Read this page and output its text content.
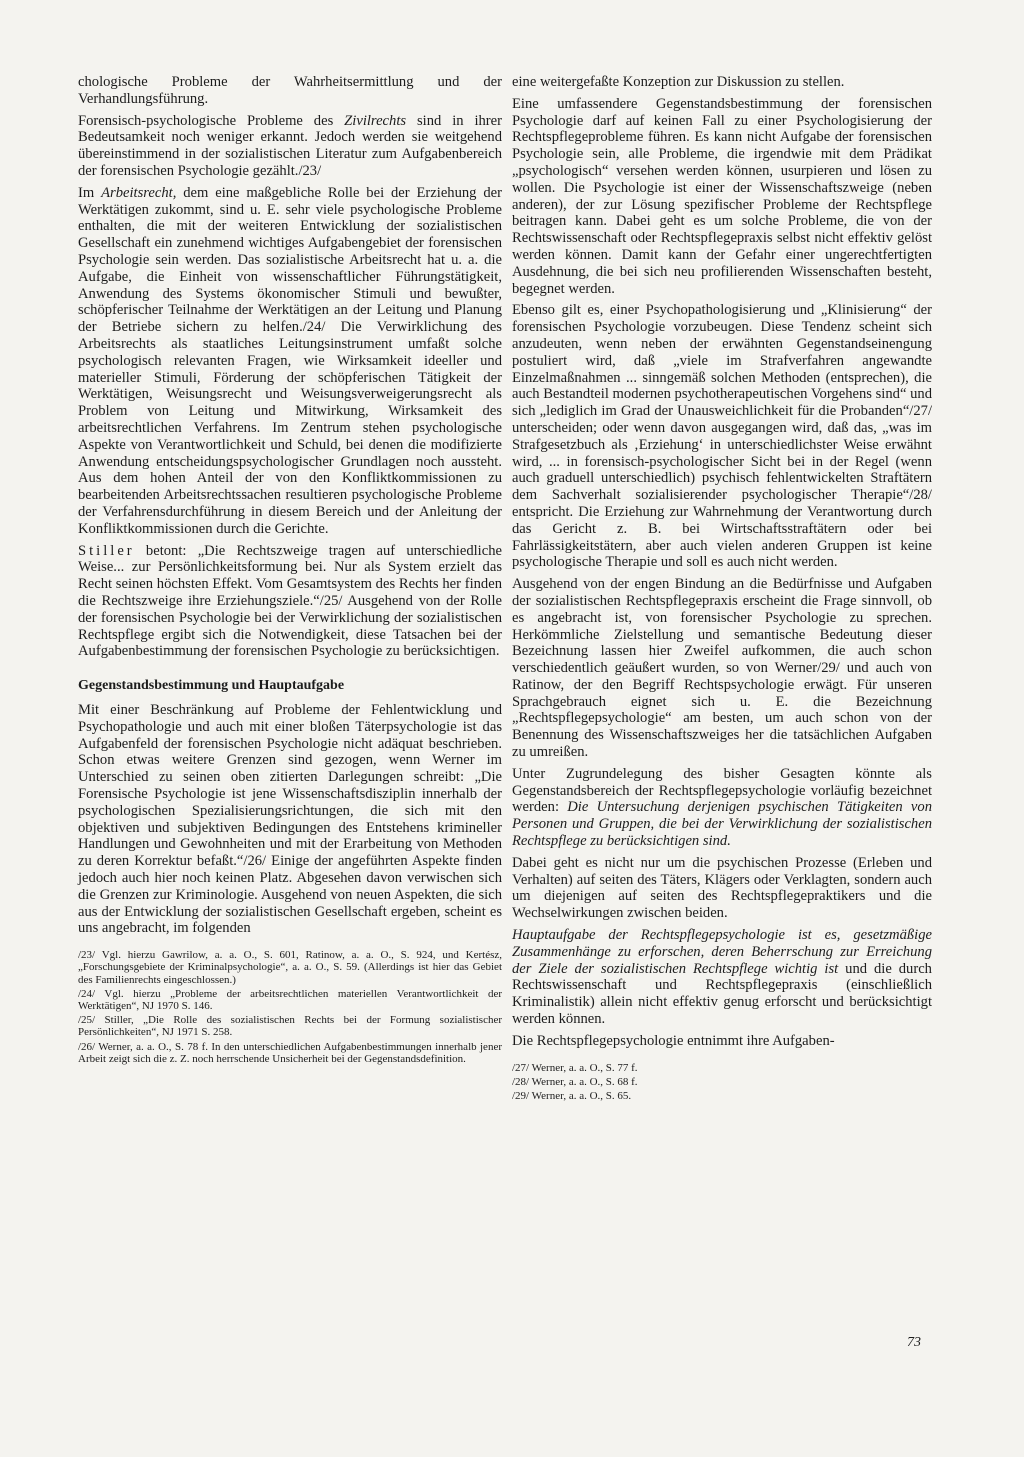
chologische Probleme der Wahrheitsermittlung und der Verhandlungsführung.

Forensisch-psychologische Probleme des Zivilrechts sind in ihrer Bedeutsamkeit noch weniger erkannt. Jedoch werden sie weitgehend übereinstimmend in der sozialistischen Literatur zum Aufgabenbereich der forensischen Psychologie gezählt./23/

Im Arbeitsrecht, dem eine maßgebliche Rolle bei der Erziehung der Werktätigen zukommt, sind u. E. sehr viele psychologische Probleme enthalten, die mit der weiteren Entwicklung der sozialistischen Gesellschaft ein zunehmend wichtiges Aufgabengebiet der forensischen Psychologie sein werden. Das sozialistische Arbeitsrecht hat u. a. die Aufgabe, die Einheit von wissenschaftlicher Führungstätigkeit, Anwendung des Systems ökonomischer Stimuli und bewußter, schöpferischer Teilnahme der Werktätigen an der Leitung und Planung der Betriebe sichern zu helfen./24/ Die Verwirklichung des Arbeitsrechts als staatliches Leitungsinstrument umfaßt solche psychologisch relevanten Fragen, wie Wirksamkeit ideeller und materieller Stimuli, Förderung der schöpferischen Tätigkeit der Werktätigen, Weisungsrecht und Weisungsverweigerungsrecht als Problem von Leitung und Mitwirkung, Wirksamkeit des arbeitsrechtlichen Verfahrens. Im Zentrum stehen psychologische Aspekte von Verantwortlichkeit und Schuld, bei denen die modifizierte Anwendung entscheidungspsychologischer Grundlagen noch aussteht. Aus dem hohen Anteil der von den Konfliktkommissionen zu bearbeitenden Arbeitsrechtssachen resultieren psychologische Probleme der Verfahrensdurchführung in diesem Bereich und der Anleitung der Konfliktkommissionen durch die Gerichte.

Stiller betont: „Die Rechtszweige tragen auf unterschiedliche Weise... zur Persönlichkeitsformung bei. Nur als System erzielt das Recht seinen höchsten Effekt. Vom Gesamtsystem des Rechts her finden die Rechtszweige ihre Erziehungsziele.“/25/ Ausgehend von der Rolle der forensischen Psychologie bei der Verwirklichung der sozialistischen Rechtspflege ergibt sich die Notwendigkeit, diese Tatsachen bei der Aufgabenbestimmung der forensischen Psychologie zu berücksichtigen.

Gegenstandsbestimmung und Hauptaufgabe

Mit einer Beschränkung auf Probleme der Fehlentwicklung und Psychopathologie und auch mit einer bloßen Täterpsychologie ist das Aufgabenfeld der forensischen Psychologie nicht adäquat beschrieben. Schon etwas weitere Grenzen sind gezogen, wenn Werner im Unterschied zu seinen oben zitierten Darlegungen schreibt: „Die Forensische Psychologie ist jene Wissenschaftsdisziplin innerhalb der psychologischen Spezialisierungsrichtungen, die sich mit den objektiven und subjektiven Bedingungen des Entstehens krimineller Handlungen und Gewohnheiten und mit der Erarbeitung von Methoden zu deren Korrektur befaßt.“/26/ Einige der angeführten Aspekte finden jedoch auch hier noch keinen Platz. Abgesehen davon verwischen sich die Grenzen zur Kriminologie. Ausgehend von neuen Aspekten, die sich aus der Entwicklung der sozialistischen Gesellschaft ergeben, scheint es uns angebracht, im folgenden

/23/ Vgl. hierzu Gawrilow, a. a. O., S. 601, Ratinow, a. a. O., S. 924, und Kertész, „Forschungsgebiete der Kriminalpsychologie“, a. a. O., S. 59. (Allerdings ist hier das Gebiet des Familienrechts eingeschlossen.)
/24/ Vgl. hierzu „Probleme der arbeitsrechtlichen materiellen Verantwortlichkeit der Werktätigen“, NJ 1970 S. 146.
/25/ Stiller, „Die Rolle des sozialistischen Rechts bei der Formung sozialistischer Persönlichkeiten“, NJ 1971 S. 258.
/26/ Werner, a. a. O., S. 78 f. In den unterschiedlichen Aufgabenbestimmungen innerhalb jener Arbeit zeigt sich die z. Z. noch herrschende Unsicherheit bei der Gegenstandsdefinition.

eine weitergefaßte Konzeption zur Diskussion zu stellen.

Eine umfassendere Gegenstandsbestimmung der forensischen Psychologie darf auf keinen Fall zu einer Psychologisierung der Rechtspflegeprobleme führen. Es kann nicht Aufgabe der forensischen Psychologie sein, alle Probleme, die irgendwie mit dem Prädikat „psychologisch“ versehen werden können, usurpieren und lösen zu wollen. Die Psychologie ist einer der Wissenschaftszweige (neben anderen), der zur Lösung spezifischer Probleme der Rechtspflege beitragen kann. Dabei geht es um solche Probleme, die von der Rechtswissenschaft oder Rechtspflegepraxis selbst nicht effektiv gelöst werden können. Damit kann der Gefahr einer ungerechtfertigten Ausdehnung, die bei sich neu profilierenden Wissenschaften besteht, begegnet werden.

Ebenso gilt es, einer Psychopathologisierung und „Klinisierung“ der forensischen Psychologie vorzubeugen. Diese Tendenz scheint sich anzudeuten, wenn neben der erwähnten Gegenstandseinengung postuliert wird, daß „viele im Strafverfahren angewandte Einzelmaßnahmen ... sinngemäß solchen Methoden (entsprechen), die auch Bestandteil modernen psychotherapeutischen Vorgehens sind“ und sich „lediglich im Grad der Unausweichlichkeit für die Probanden“/27/ unterscheiden; oder wenn davon ausgegangen wird, daß das, „was im Strafgesetzbuch als ‚Erziehung‘ in unterschiedlichster Weise erwähnt wird, ... in forensisch-psychologischer Sicht bei in der Regel (wenn auch graduell unterschiedlich) psychisch fehlentwickelten Straftätern dem Sachverhalt sozialisierender psychologischer Therapie“/28/ entspricht. Die Erziehung zur Wahrnehmung der Verantwortung durch das Gericht z. B. bei Wirtschaftsstraftätern oder bei Fahrlässigkeitstätern, aber auch vielen anderen Gruppen ist keine psychologische Therapie und soll es auch nicht werden.

Ausgehend von der engen Bindung an die Bedürfnisse und Aufgaben der sozialistischen Rechtspflegepraxis erscheint die Frage sinnvoll, ob es angebracht ist, von forensischer Psychologie zu sprechen. Herkömmliche Zielstellung und semantische Bedeutung dieser Bezeichnung lassen hier Zweifel aufkommen, die auch schon verschiedentlich geäußert wurden, so von Werner/29/ und auch von Ratinow, der den Begriff Rechtspsychologie erwägt. Für unseren Sprachgebrauch eignet sich u. E. die Bezeichnung „Rechtspflegepsychologie“ am besten, um auch schon von der Benennung des Wissenschaftszweiges her die tatsächlichen Aufgaben zu umreißen.

Unter Zugrundelegung des bisher Gesagten könnte als Gegenstandsbereich der Rechtspflegepsychologie vorläufig bezeichnet werden: Die Untersuchung derjenigen psychischen Tätigkeiten von Personen und Gruppen, die bei der Verwirklichung der sozialistischen Rechtspflege zu berücksichtigen sind.

Dabei geht es nicht nur um die psychischen Prozesse (Erleben und Verhalten) auf seiten des Täters, Klägers oder Verklagten, sondern auch um diejenigen auf seiten des Rechtspflegepraktikers und die Wechselwirkungen zwischen beiden.

Hauptaufgabe der Rechtspflegepsychologie ist es, gesetzmäßige Zusammenhänge zu erforschen, deren Beherrschung zur Erreichung der Ziele der sozialistischen Rechtspflege wichtig ist und die durch Rechtswissenschaft und Rechtspflegepraxis (einschließlich Kriminalistik) allein nicht effektiv genug erforscht und berücksichtigt werden können.

Die Rechtspflegepsychologie entnimmt ihre Aufgaben-

/27/ Werner, a. a. O., S. 77 f.
/28/ Werner, a. a. O., S. 68 f.
/29/ Werner, a. a. O., S. 65.
73
